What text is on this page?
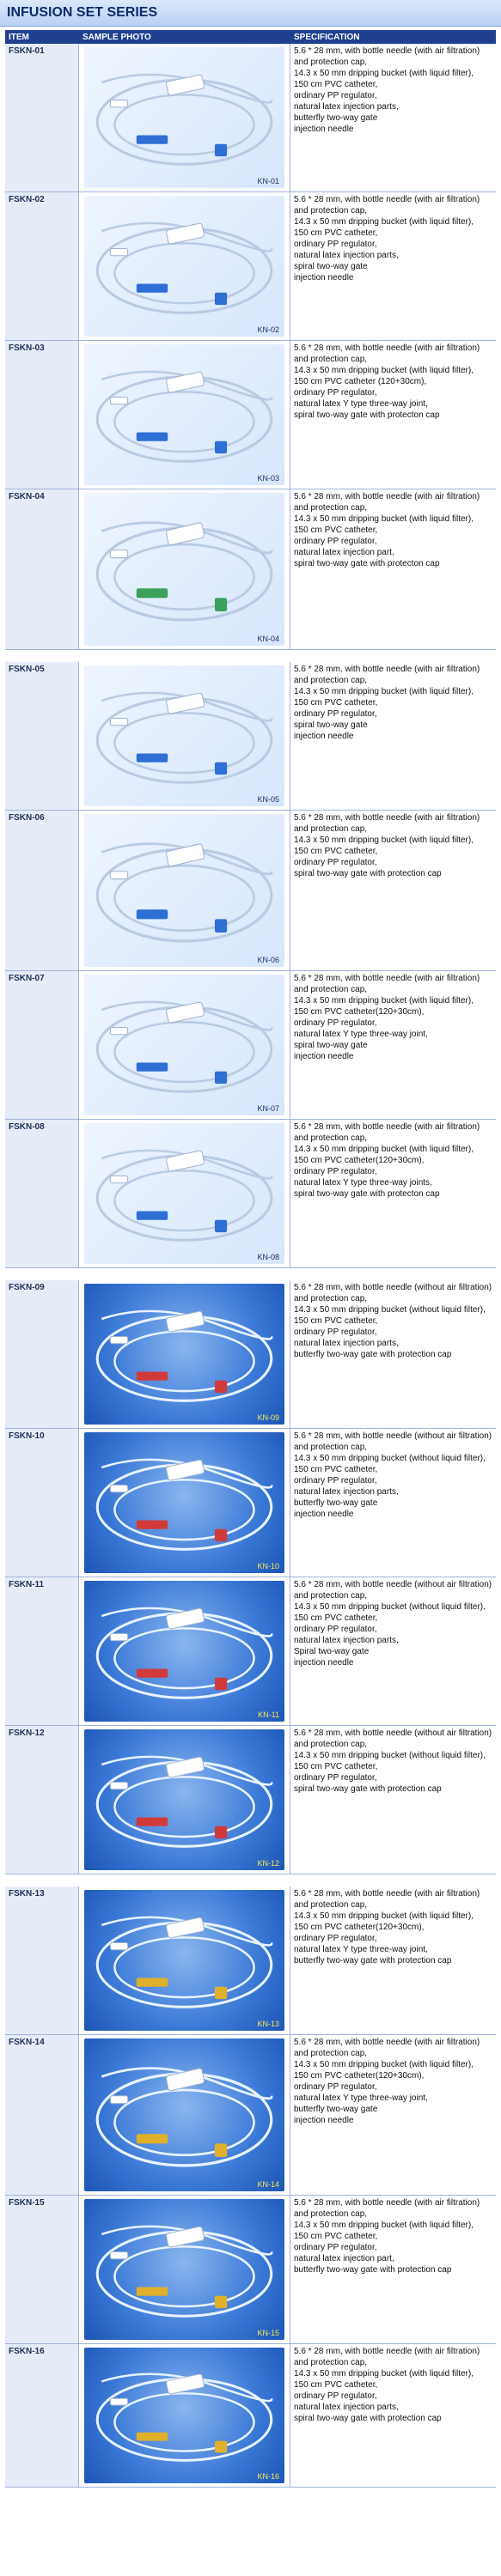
INFUSION SET SERIES
ITEM	SAMPLE PHOTO	SPECIFICATION
FSKN-01
KN-01
5.6 * 28 mm, with bottle needle (with air filtration) and protection cap,
14.3 x 50 mm dripping bucket (with liquid filter),
150 cm PVC catheter,
ordinary PP regulator,
natural latex injection parts,
butterfly two-way gate
injection needle
FSKN-02
KN-02
5.6 * 28 mm, with bottle needle (with air filtration) and protection cap,
14.3 x 50 mm dripping bucket (with liquid filter),
150 cm PVC catheter,
ordinary PP regulator,
natural latex injection parts,
spiral two-way gate
injection needle
FSKN-03
KN-03
5.6 * 28 mm, with bottle needle (with air filtration) and protection cap,
14.3 x 50 mm dripping bucket (with liquid filter),
150 cm PVC catheter (120+30cm),
ordinary PP regulator,
natural latex Y type three-way joint,
spiral two-way gate with protecton cap
FSKN-04
KN-04
5.6 * 28 mm, with bottle needle (with air filtration) and protection cap,
14.3 x 50 mm dripping bucket (with liquid filter),
150 cm PVC catheter,
ordinary PP regulator,
natural latex injection part,
spiral two-way gate with protecton cap
FSKN-05
KN-05
5.6 * 28 mm, with bottle needle (with air filtration) and protection cap,
14.3 x 50 mm dripping bucket (with liquid filter),
150 cm PVC catheter,
ordinary PP regulator,
spiral two-way gate
injection needle
FSKN-06
KN-06
5.6 * 28 mm, with bottle needle (with air filtration) and protection cap,
14.3 x 50 mm dripping bucket (with liquid filter),
150 cm PVC catheter,
ordinary PP regulator,
spiral two-way gate with protection cap
FSKN-07
KN-07
5.6 * 28 mm, with bottle needle (with air filtration) and protection cap,
14.3 x 50 mm dripping bucket (with liquid filter),
150 cm PVC catheter(120+30cm),
ordinary PP regulator,
natural latex Y type three-way joint,
spiral two-way gate
injection needle
FSKN-08
KN-08
5.6 * 28 mm, with bottle needle (with air filtration) and protection cap,
14.3 x 50 mm dripping bucket (with liquid filter),
150 cm PVC catheter(120+30cm),
ordinary PP regulator,
natural latex Y type three-way joints,
spiral two-way gate with protecton cap
FSKN-09
KN-09
5.6 * 28 mm, with bottle needle (without air filtration) and protection cap,
14.3 x 50 mm dripping bucket (without liquid filter),
150 cm PVC catheter,
ordinary PP regulator,
natural latex injection parts,
butterfly two-way gate with protection cap
FSKN-10
KN-10
5.6 * 28 mm, with bottle needle (without air filtration) and protection cap,
14.3 x 50 mm dripping bucket (without liquid filter),
150 cm PVC catheter,
ordinary PP regulator,
natural latex injection parts,
butterfly two-way gate
injection needle
FSKN-11
KN-11
5.6 * 28 mm, with bottle needle (without air filtration) and protection cap,
14.3 x 50 mm dripping bucket (without liquid filter),
150 cm PVC catheter,
ordinary PP regulator,
natural latex injection parts,
Spiral two-way gate
injection needle
FSKN-12
KN-12
5.6 * 28 mm, with bottle needle (without air filtration) and protection cap,
14.3 x 50 mm dripping bucket (without liquid filter),
150 cm PVC catheter,
ordinary PP regulator,
spiral two-way gate with protection cap
FSKN-13
KN-13
5.6 * 28 mm, with bottle needle (with air filtration) and protection cap,
14.3 x 50 mm dripping bucket (with liquid filter),
150 cm PVC catheter(120+30cm),
ordinary PP regulator,
natural latex Y type three-way joint,
butterfly two-way gate with protection cap
FSKN-14
KN-14
5.6 * 28 mm, with bottle needle (with air filtration) and protection cap,
14.3 x 50 mm dripping bucket (with liquid filter),
150 cm PVC catheter(120+30cm),
ordinary PP regulator,
natural latex Y type three-way joint,
butterfly two-way gate
injection needle
FSKN-15
KN-15
5.6 * 28 mm, with bottle needle (with air filtration) and protection cap,
14.3 x 50 mm dripping bucket (with liquid filter),
150 cm PVC catheter,
ordinary PP regulator,
natural latex injection part,
butterfly two-way gate with protection cap
FSKN-16
KN-16
5.6 * 28 mm, with bottle needle (with air filtration) and protection cap,
14.3 x 50 mm dripping bucket (with liquid filter),
150 cm PVC catheter,
ordinary PP regulator,
natural latex injection parts,
spiral two-way gate with protection cap
